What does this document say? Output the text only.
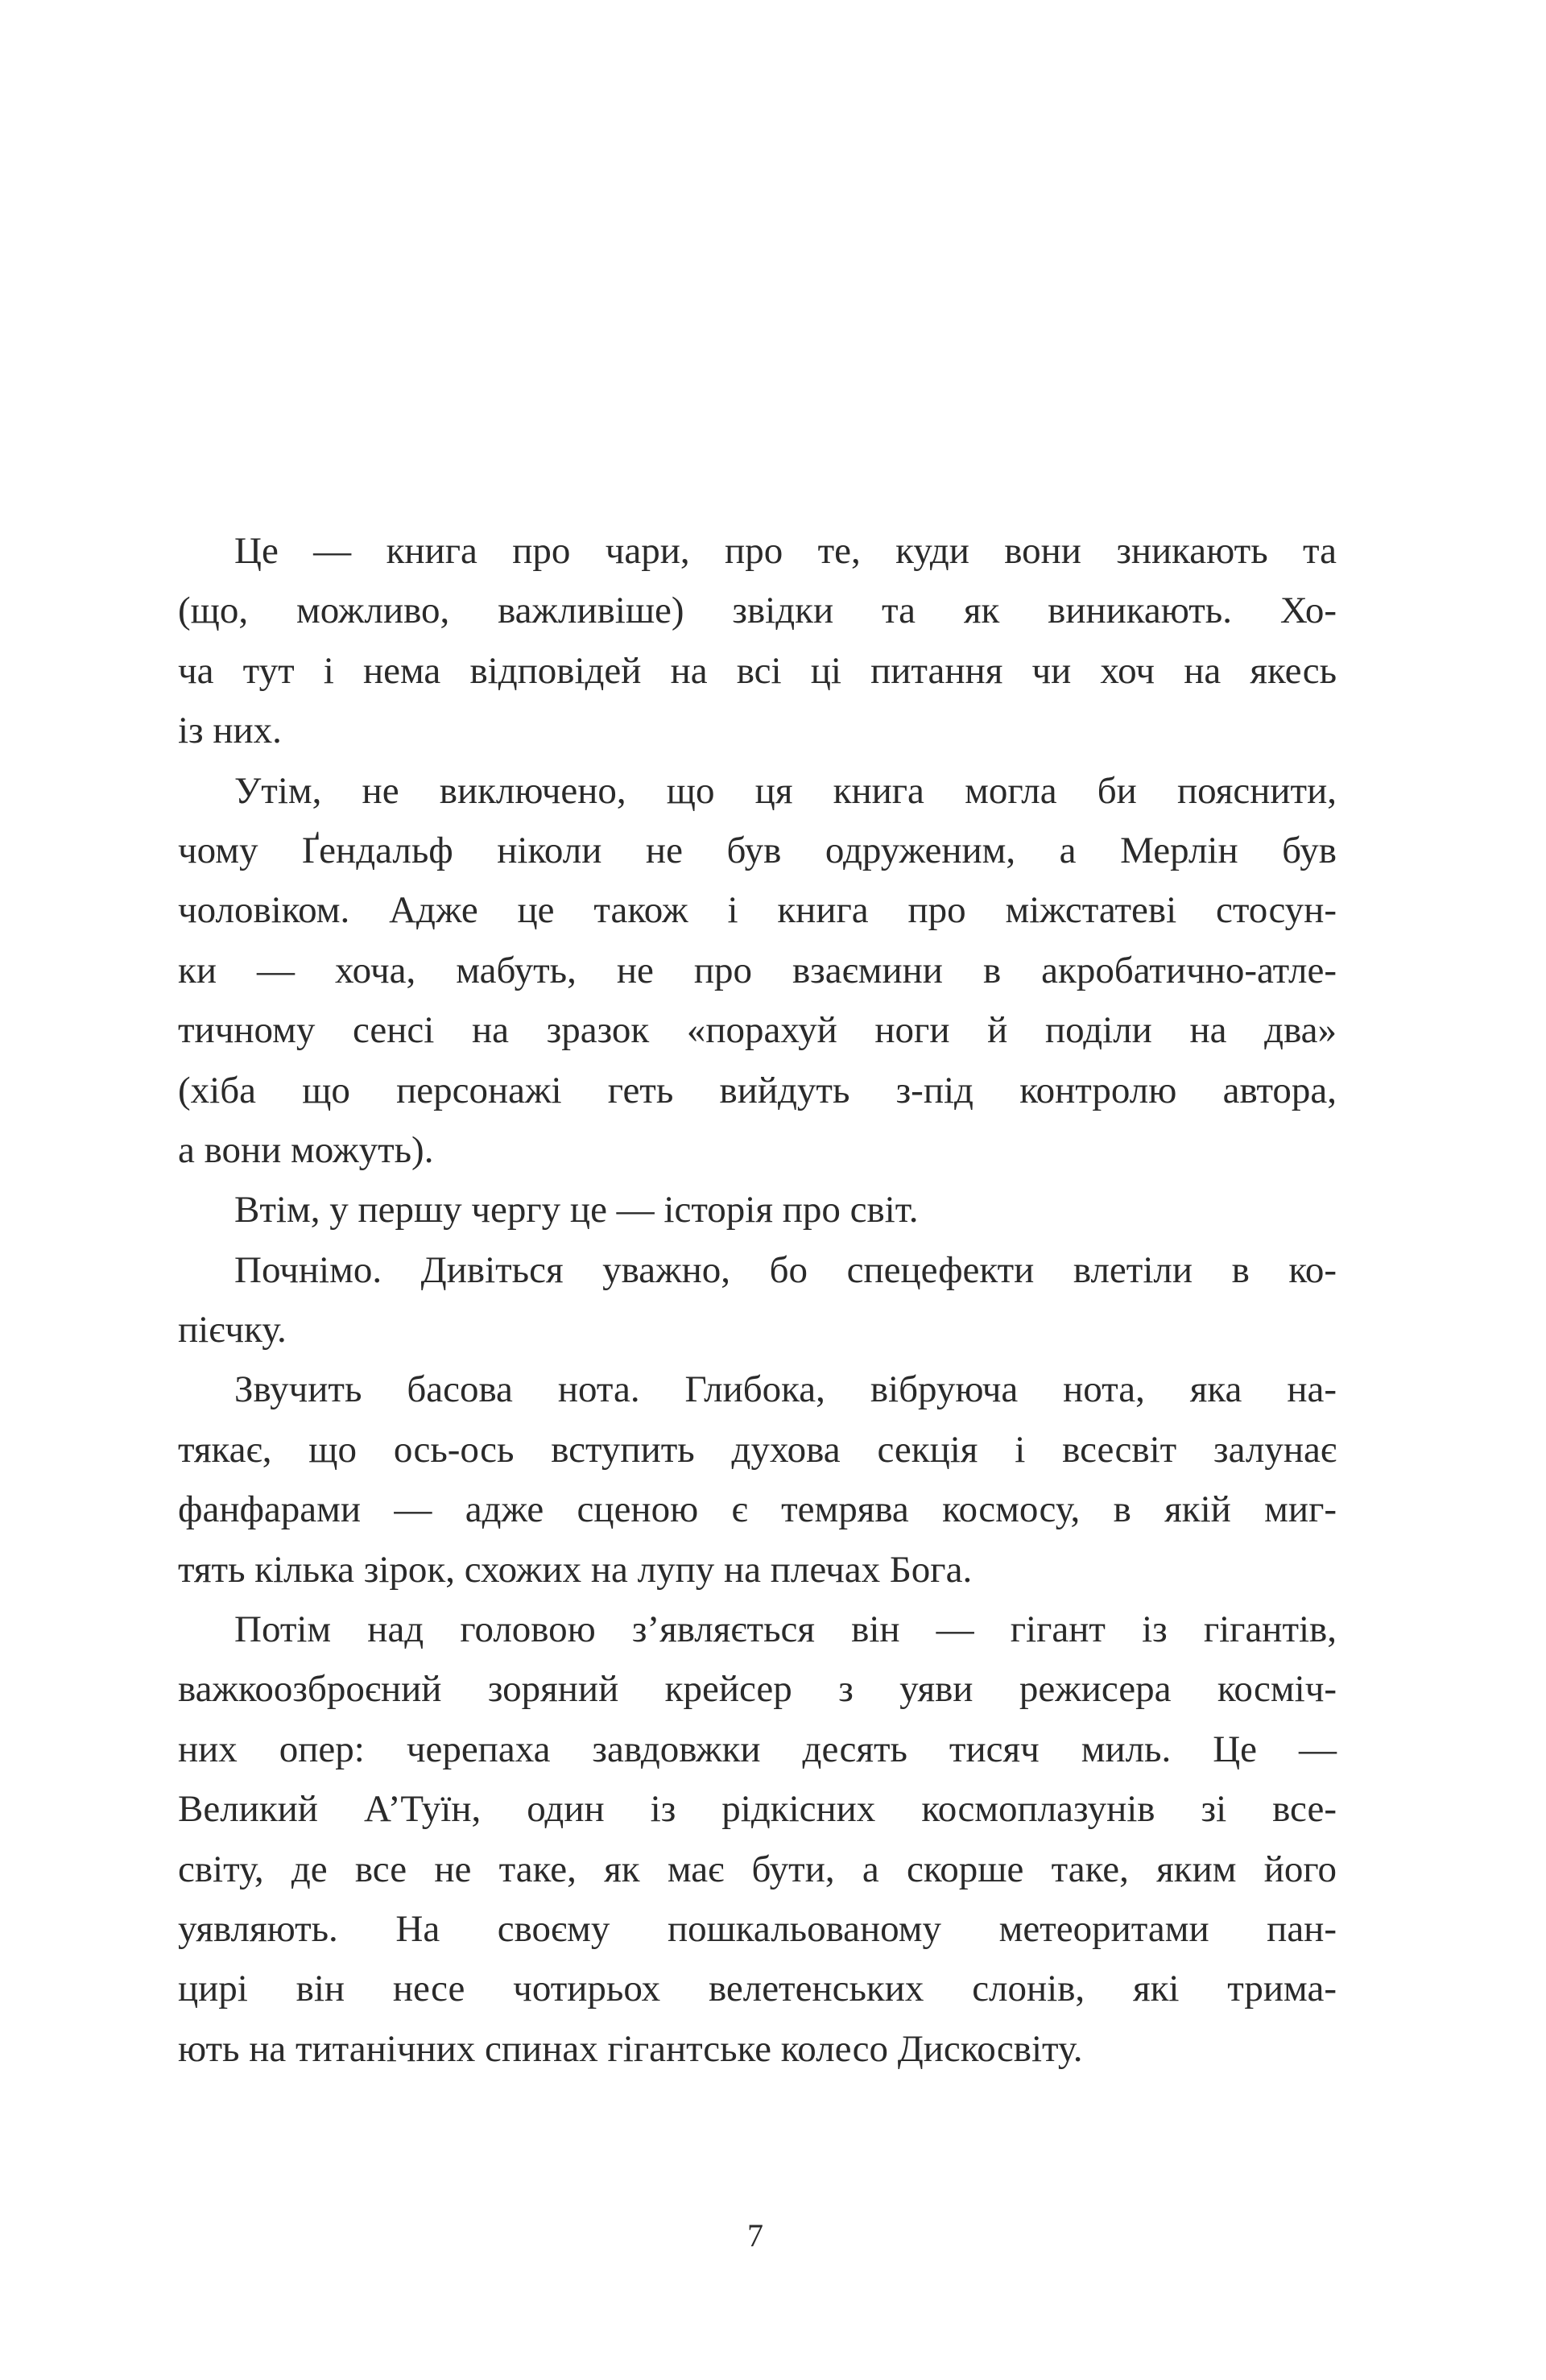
Це — книга про чари, про те, куди вони зникають та
(що, можливо, важливіше) звідки та як виникають. Хо-
ча тут і нема відповідей на всі ці питання чи хоч на якесь
із них.
Утім, не виключено, що ця книга могла би пояснити,
чому Ґендальф ніколи не був одруженим, а Мерлін був
чоловіком. Адже це також і книга про міжстатеві стосун-
ки — хоча, мабуть, не про взаємини в акробатично-атле-
тичному сенсі на зразок «порахуй ноги й поділи на два»
(хіба що персонажі геть вийдуть з-під контролю автора,
а вони можуть).
Втім, у першу чергу це — історія про світ.
Почнімо. Дивіться уважно, бо спецефекти влетіли в ко-
пієчку.
Звучить басова нота. Глибока, вібруюча нота, яка на-
тякає, що ось-ось вступить духова секція і всесвіт залунає
фанфарами — адже сценою є темрява космосу, в якій миг-
тять кілька зірок, схожих на лупу на плечах Бога.
Потім над головою з’являється він — гігант із гігантів,
важкоозброєний зоряний крейсер з уяви режисера косміч-
них опер: черепаха завдовжки десять тисяч миль. Це —
Великий А’Туїн, один із рідкісних космоплазунів зі все-
світу, де все не таке, як має бути, а скорше таке, яким його
уявляють. На своєму пошкальованому метеоритами пан-
цирі він несе чотирьох велетенських слонів, які трима-
ють на титанічних спинах гігантське колесо Дискосвіту.
7
